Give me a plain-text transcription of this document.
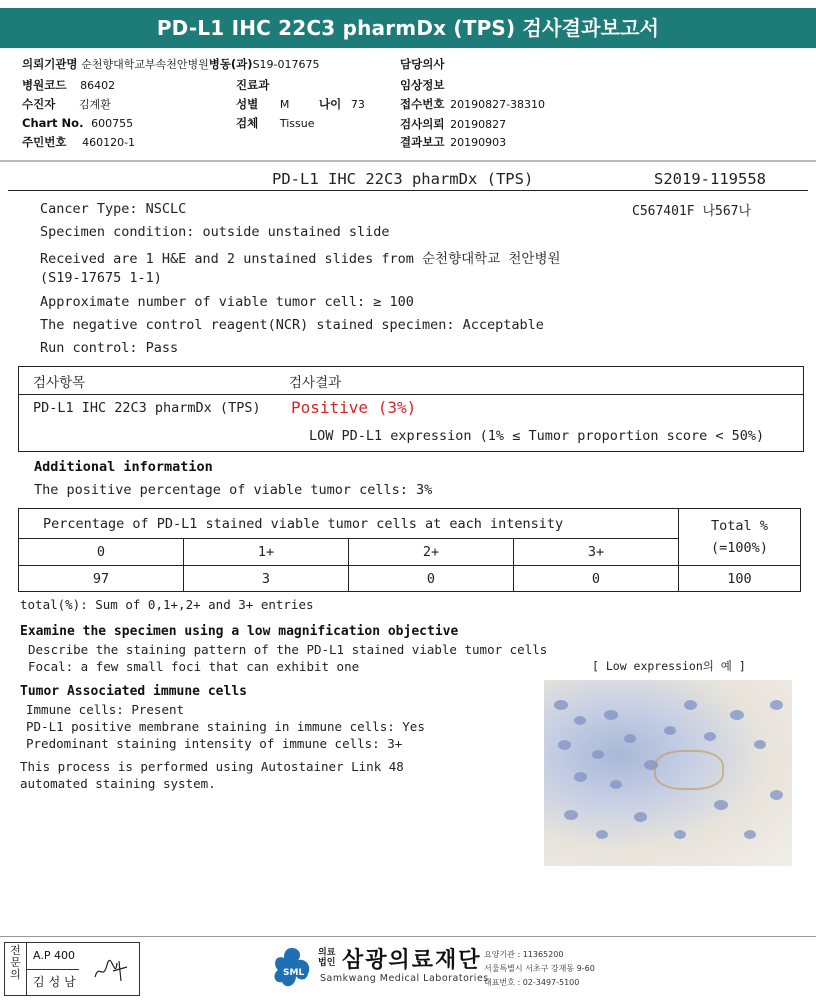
PD-L1 IHC 22C3 pharmDx (TPS) 검사결과보고서
의뢰기관명 순천향대학교부속천안병원병동(과)S19-017675	담당의사
병원코드 86402	진료과	임상정보
수진자 김계환	성별 M	나이 73	접수번호 20190827-38310
Chart No. 600755	검체 Tissue	검사의뢰 20190827
주민번호 460120-1	결과보고 20190903
PD-L1 IHC 22C3 pharmDx (TPS)	S2019-119558
C567401F 나567나
Cancer Type: NSCLC
Specimen condition: outside unstained slide
Received are 1 H&E and 2 unstained slides from 순천향대학교 천안병원
(S19-17675 1-1)
Approximate number of viable tumor cell: ≥ 100
The negative control reagent(NCR) stained specimen: Acceptable
Run control: Pass
검사항목	검사결과
PD-L1 IHC 22C3 pharmDx (TPS) Positive (3%)
LOW PD-L1 expression (1% ≤ Tumor proportion score < 50%)
Additional information
The positive percentage of viable tumor cells: 3%
Percentage of PD-L1 stained viable tumor cells at each intensity				Total %
(=100%)

0	1+	2+	3+	
97	3	0	0	100
total(%): Sum of 0,1+,2+ and 3+ entries
Examine the specimen using a low magnification objective
Describe the staining pattern of the PD-L1 stained viable tumor cells
Focal: a few small foci that can exhibit one	[ Low expression의 예 ]
Tumor Associated immune cells
Immune cells: Present
PD-L1 positive membrane staining in immune cells: Yes
Predominant staining intensity of immune cells: 3+
This process is performed using Autostainer Link 48
automated staining system.
전문의
A.P 400
김성남
SML
의료
법인 삼광의료재단
Samkwang Medical Laboratories
요양기관 : 11365200
서울특별시 서초구 강재동 9-60
대표번호 : 02-3497-5100
